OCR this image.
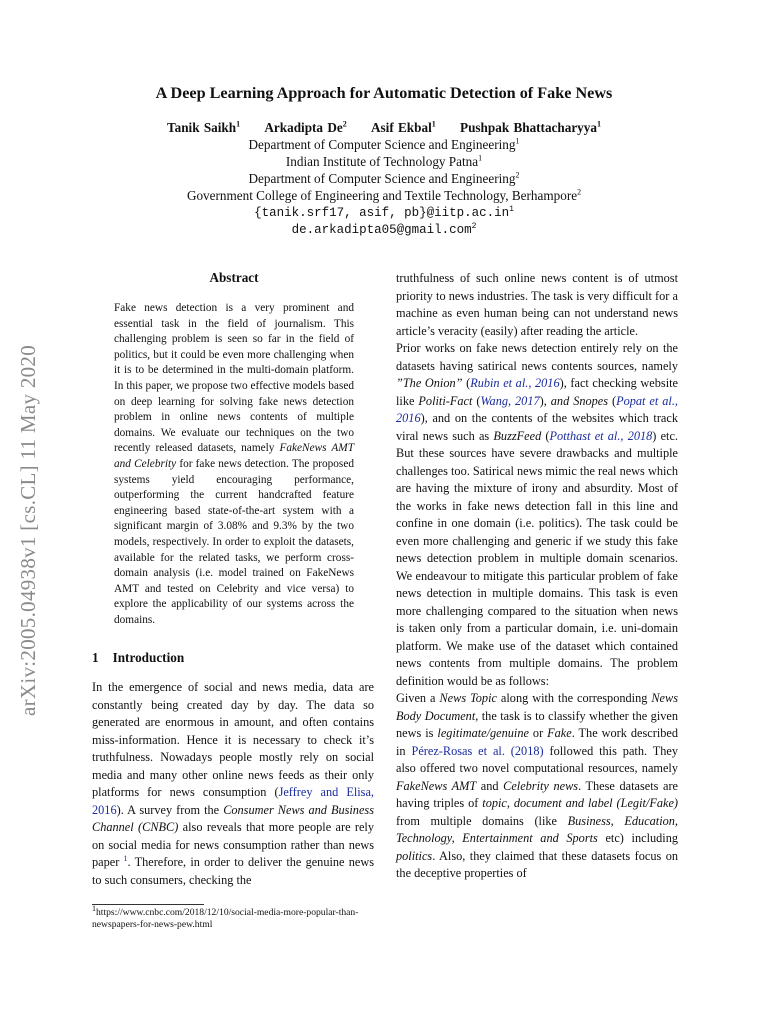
arXiv:2005.04938v1 [cs.CL] 11 May 2020
A Deep Learning Approach for Automatic Detection of Fake News
Tanik Saikh$^1$ Arkadipta De$^2$ Asif Ekbal$^1$ Pushpak Bhattacharyya$^1$
Department of Computer Science and Engineering$^1$
Indian Institute of Technology Patna$^1$
Department of Computer Science and Engineering$^2$
Government College of Engineering and Textile Technology, Berhampore$^2$
{tanik.srf17, asif, $pb\}@iitp.ac.in^1$
de.arkadipta05@gmail.com$^2$
Abstract
Fake news detection is a very prominent and essential task in the field of journalism. This challenging problem is seen so far in the field of politics, but it could be even more challenging when it is to be determined in the multi-domain platform. In this paper, we propose two effective models based on deep learning for solving fake news detection problem in online news contents of multiple domains. We evaluate our techniques on the two recently released datasets, namely FakeNews AMT and Celebrity for fake news detection. The proposed systems yield encouraging performance, outperforming the current handcrafted feature engineering based state-of-the-art system with a significant margin of 3.08% and 9.3% by the two models, respectively. In order to exploit the datasets, available for the related tasks, we perform cross-domain analysis (i.e. model trained on FakeNews AMT and tested on Celebrity and vice versa) to explore the applicability of our systems across the domains.
1 Introduction

In the emergence of social and news media, data are constantly being created day by day. The data so generated are enormous in amount, and often contains miss-information. Hence it is necessary to check it’s truthfulness. Nowadays people mostly rely on social media and many other online news feeds as their only platforms for news consumption (Jeffrey and Elisa, 2016). A survey from the Consumer News and Business Channel (CNBC) also reveals that more people are rely on social media for news consumption rather than news paper $^1$. Therefore, in order to deliver the genuine news to such consumers, checking the

truthfulness of such online news content is of utmost priority to news industries. The task is very difficult for a machine as even human being can not understand news article’s veracity (easily) after reading the article.

Prior works on fake news detection entirely rely on the datasets having satirical news contents sources, namely ”The Onion” (Rubin et al., 2016), fact checking website like Politi-Fact (Wang, 2017), and Snopes (Popat et al., 2016), and on the contents of the websites which track viral news such as BuzzFeed (Potthast et al., 2018) etc. But these sources have severe drawbacks and multiple challenges too. Satirical news mimic the real news which are having the mixture of irony and absurdity. Most of the works in fake news detection fall in this line and confine in one domain (i.e. politics). The task could be even more challenging and generic if we study this fake news detection problem in multiple domain scenarios. We endeavour to mitigate this particular problem of fake news detection in multiple domains. This task is even more challenging compared to the situation when news is taken only from a particular domain, i.e. uni-domain platform. We make use of the dataset which contained news contents from multiple domains. The problem definition would be as follows:

Given a News Topic along with the corresponding News Body Document, the task is to classify whether the given news is legitimate/genuine or Fake. The work described in Pérez-Rosas et al. (2018) followed this path. They also offered two novel computational resources, namely FakeNews AMT and Celebrity news. These datasets are having triples of topic, document and label (Legit/Fake) from multiple domains (like Business, Education, Technology, Entertainment and Sports etc) including politics. Also, they claimed that these datasets focus on the deceptive properties of

$^1$https://www.cnbc.com/2018/12/10/social-media-more-popular-than-newspapers-for-news-pew.html
